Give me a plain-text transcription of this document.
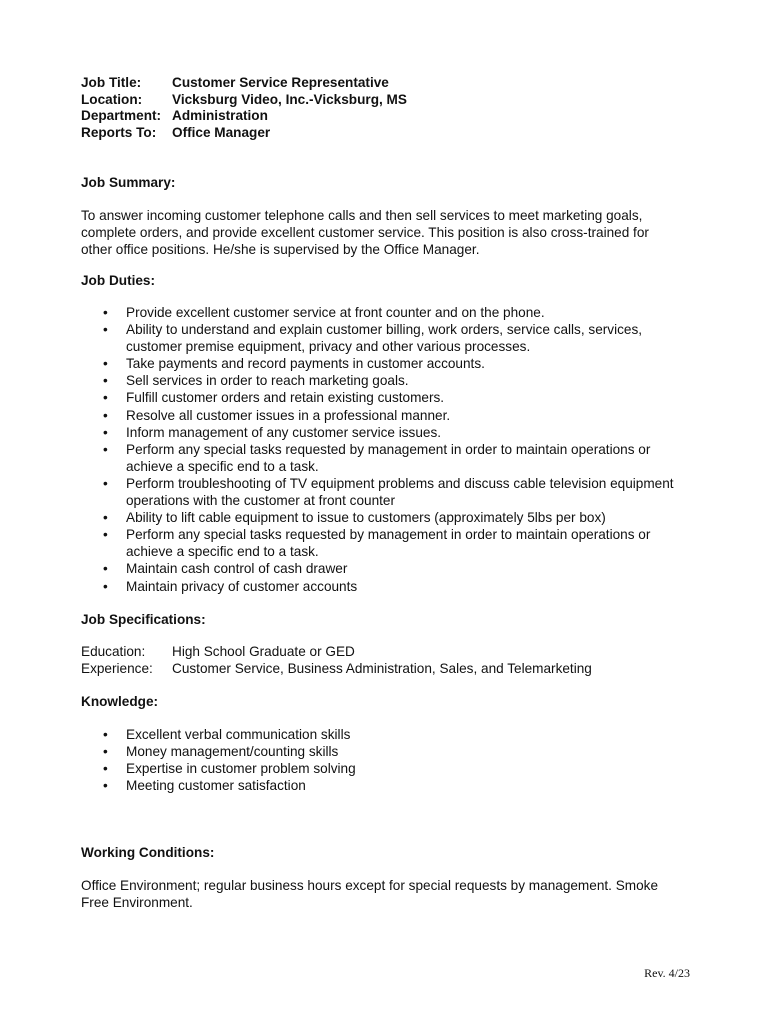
Job Title:	Customer Service Representative
Location:	Vicksburg Video, Inc.-Vicksburg, MS
Department: Administration
Reports To:	Office Manager
Job Summary:
To answer incoming customer telephone calls and then sell services to meet marketing goals,
complete orders, and provide excellent customer service. This position is also cross-trained for
other office positions. He/she is supervised by the Office Manager.
Job Duties:
• Provide excellent customer service at front counter and on the phone.
• Ability to understand and explain customer billing, work orders, service calls, services,
customer premise equipment, privacy and other various processes.
• Take payments and record payments in customer accounts.
• Sell services in order to reach marketing goals.
• Fulfill customer orders and retain existing customers.
• Resolve all customer issues in a professional manner.
• Inform management of any customer service issues.
• Perform any special tasks requested by management in order to maintain operations or
achieve a specific end to a task.
• Perform troubleshooting of TV equipment problems and discuss cable television equipment
operations with the customer at front counter
• Ability to lift cable equipment to issue to customers (approximately 5lbs per box)
• Perform any special tasks requested by management in order to maintain operations or
achieve a specific end to a task.
• Maintain cash control of cash drawer
• Maintain privacy of customer accounts
Job Specifications:
Education:	High School Graduate or GED
Experience:	Customer Service, Business Administration, Sales, and Telemarketing
Knowledge:
• Excellent verbal communication skills
• Money management/counting skills
• Expertise in customer problem solving
• Meeting customer satisfaction
Working Conditions:
Office Environment; regular business hours except for special requests by management. Smoke
Free Environment.
Rev. 4/23
